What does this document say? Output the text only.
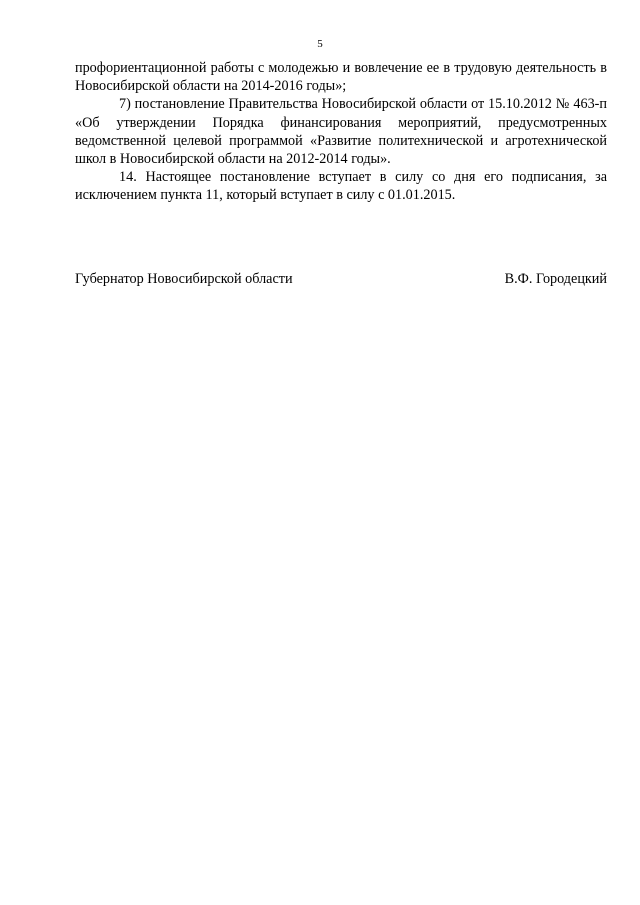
5

профориентационной работы с молодежью и вовлечение ее в трудовую деятельность в Новосибирской области на 2014-2016 годы»;

7) постановление Правительства Новосибирской области от 15.10.2012 № 463-п «Об утверждении Порядка финансирования мероприятий, предусмотренных ведомственной целевой программой «Развитие политехнической и агротехнической школ в Новосибирской области на 2012-2014 годы».

14. Настоящее постановление вступает в силу со дня его подписания, за исключением пункта 11, который вступает в силу с 01.01.2015.

Губернатор Новосибирской области	В.Ф. Городецкий
